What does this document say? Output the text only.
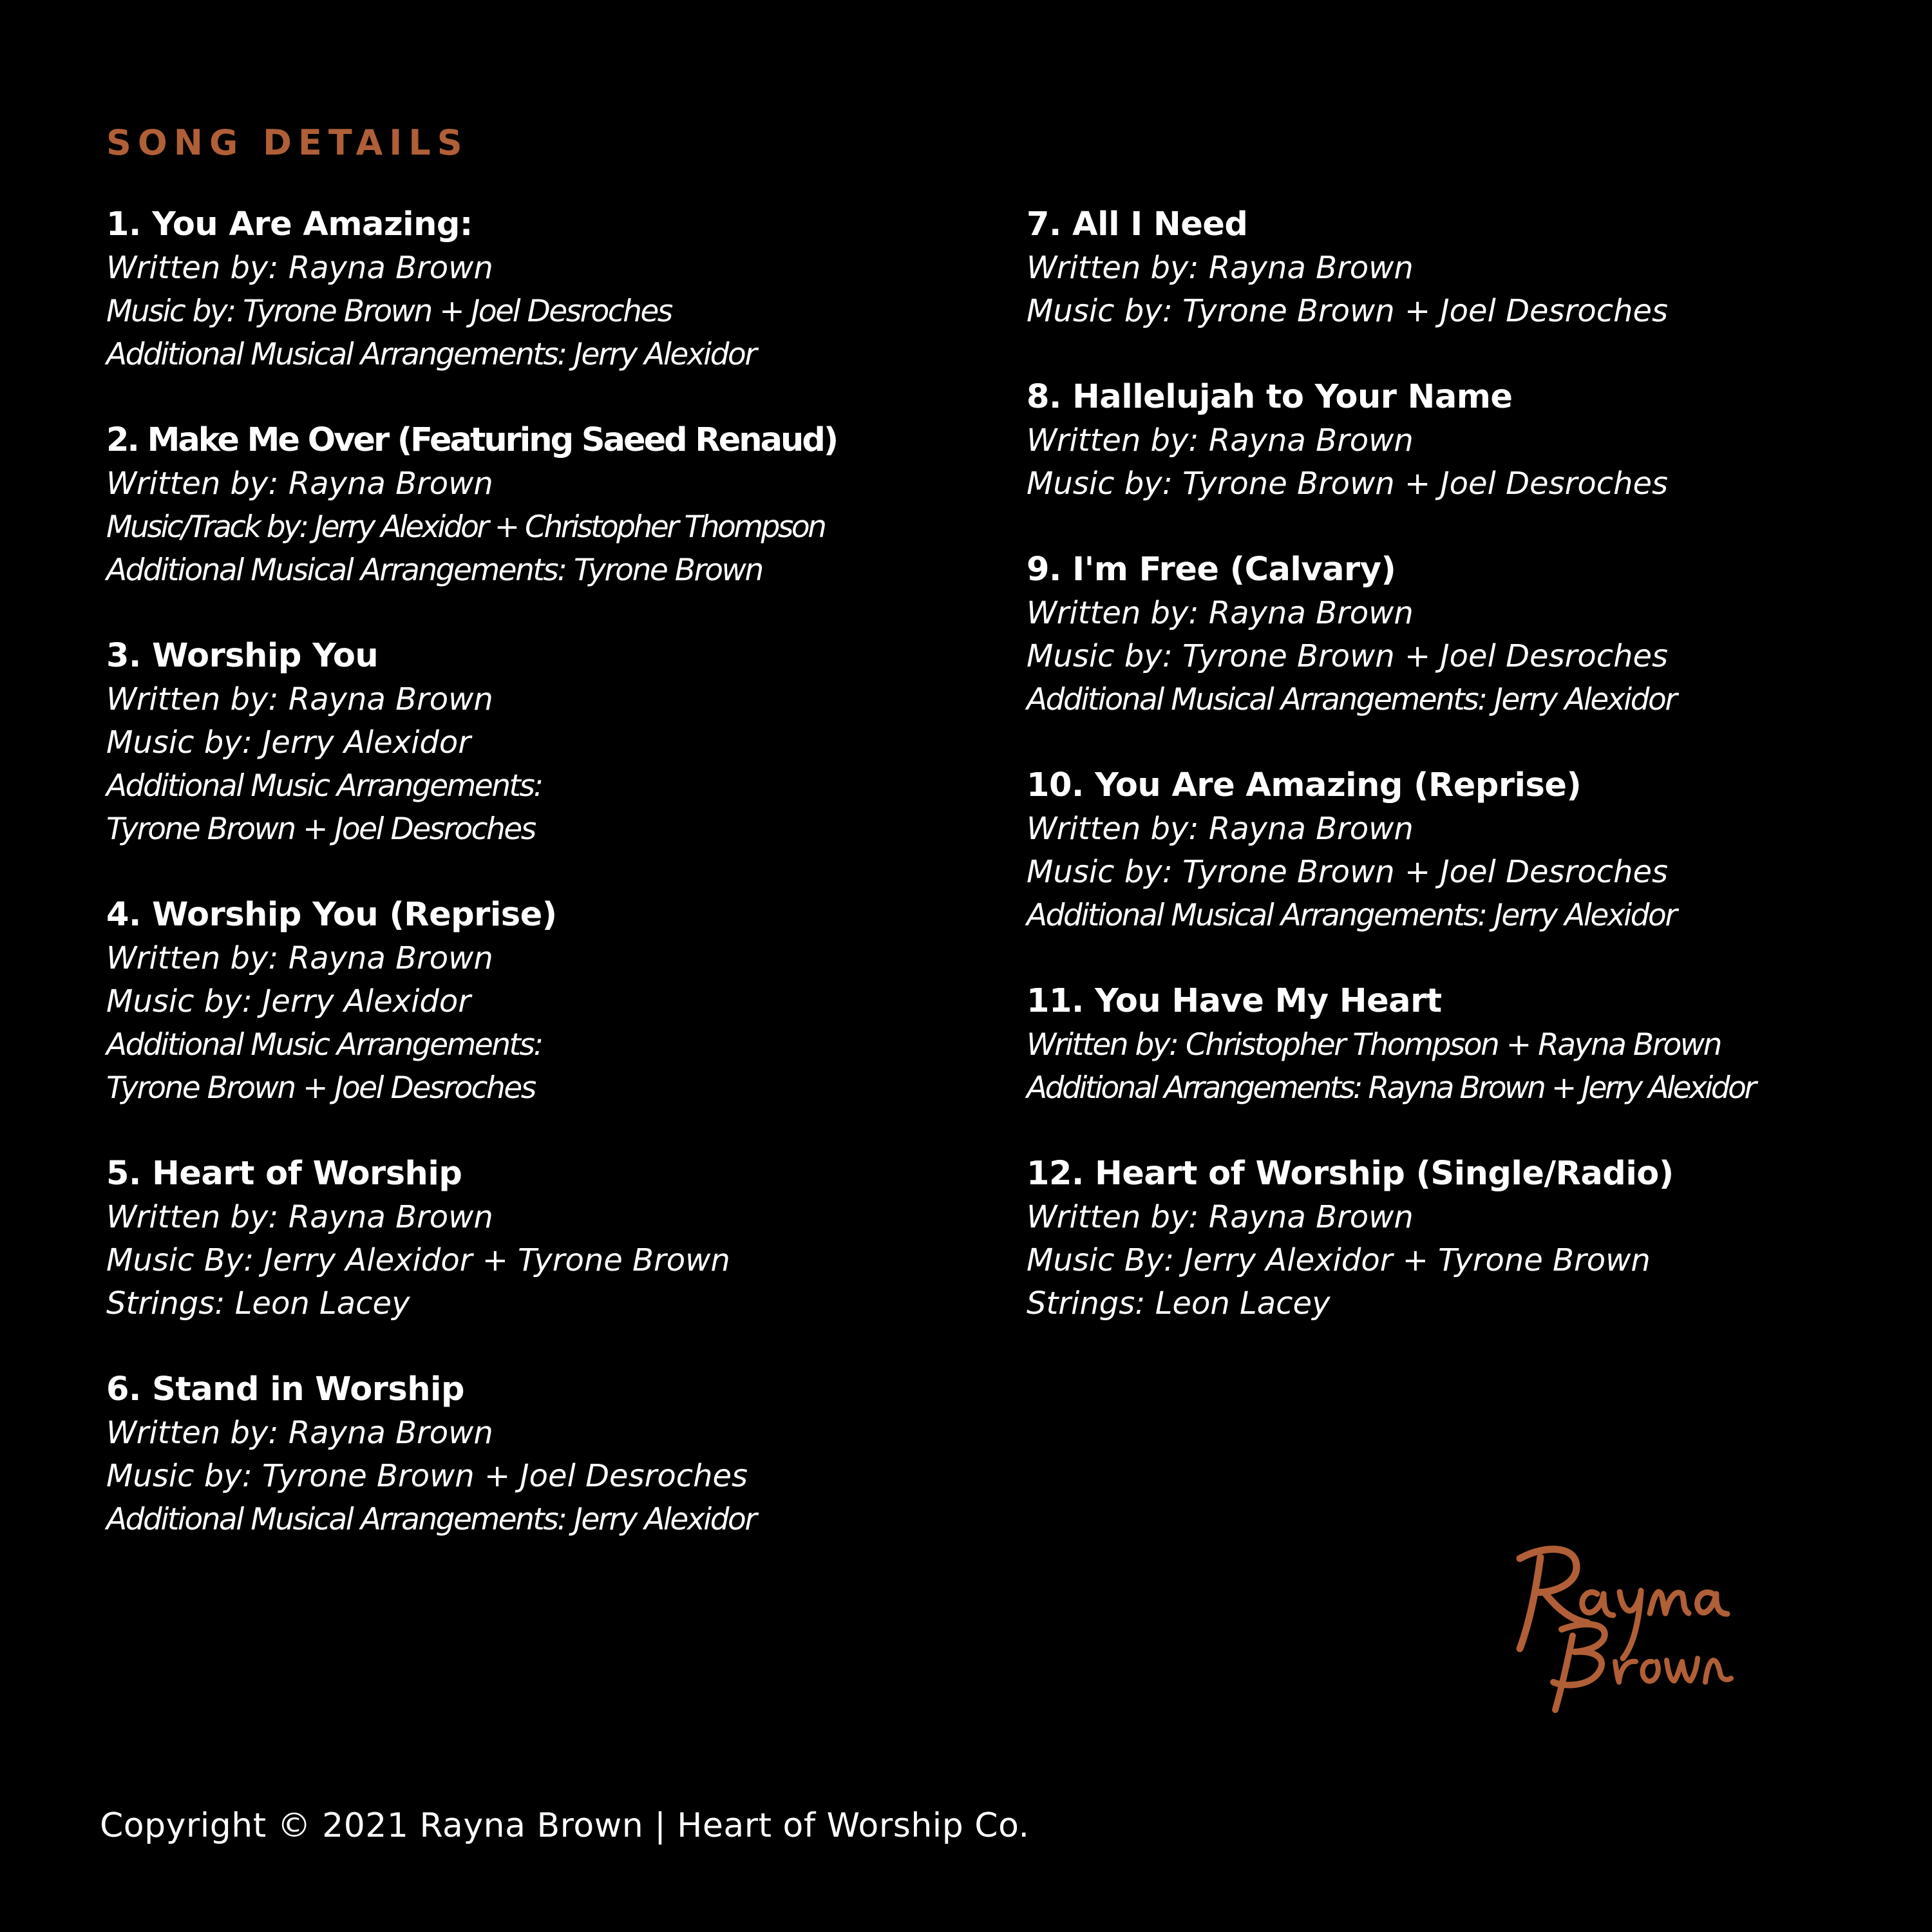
SONG DETAILS

1. You Are Amazing:

Written by: Rayna Brown

Music by: Tyrone Brown + Joel Desroches

Additional Musical Arrangements: Jerry Alexidor

2. Make Me Over (Featuring Saeed Renaud)

Written by: Rayna Brown

Music/Track by: Jerry Alexidor + Christopher Thompson

Additional Musical Arrangements: Tyrone Brown

3. Worship You

Written by: Rayna Brown

Music by: Jerry Alexidor

Additional Music Arrangements:

Tyrone Brown + Joel Desroches

4. Worship You (Reprise)

Written by: Rayna Brown

Music by: Jerry Alexidor

Additional Music Arrangements:

Tyrone Brown + Joel Desroches

5. Heart of Worship

Written by: Rayna Brown

Music By: Jerry Alexidor + Tyrone Brown

Strings: Leon Lacey

6. Stand in Worship

Written by: Rayna Brown

Music by: Tyrone Brown + Joel Desroches

Additional Musical Arrangements: Jerry Alexidor

7. All I Need

Written by: Rayna Brown

Music by: Tyrone Brown + Joel Desroches

8. Hallelujah to Your Name

Written by: Rayna Brown

Music by: Tyrone Brown + Joel Desroches

9. I'm Free (Calvary)

Written by: Rayna Brown

Music by: Tyrone Brown + Joel Desroches

Additional Musical Arrangements: Jerry Alexidor

10. You Are Amazing (Reprise)

Written by: Rayna Brown

Music by: Tyrone Brown + Joel Desroches

Additional Musical Arrangements: Jerry Alexidor

11. You Have My Heart

Written by: Christopher Thompson + Rayna Brown

Additional Arrangements: Rayna Brown + Jerry Alexidor

12. Heart of Worship (Single/Radio)

Written by: Rayna Brown

Music By: Jerry Alexidor + Tyrone Brown

Strings: Leon Lacey

Copyright © 2021 Rayna Brown | Heart of Worship Co.
